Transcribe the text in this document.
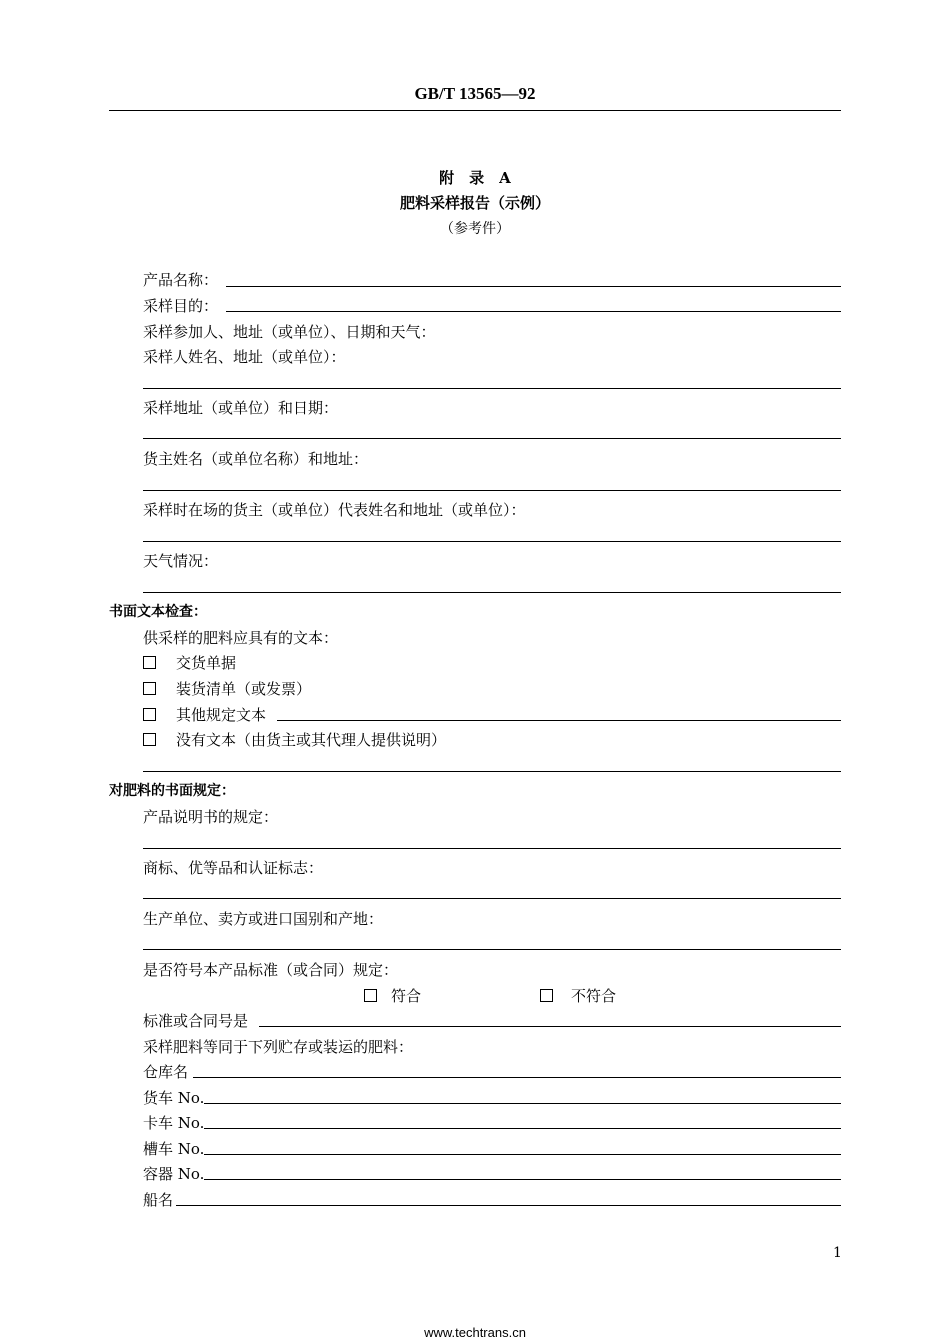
GB/T 13565—92
附　录　A
肥料采样报告（示例）
（参考件）
产品名称：
采样目的：
采样参加人、地址（或单位）、日期和天气：
采样人姓名、地址（或单位）：
采样地址（或单位）和日期：
货主姓名（或单位名称）和地址：
采样时在场的货主（或单位）代表姓名和地址（或单位）：
天气情况：
书面文本检查：
供采样的肥料应具有的文本：
交货单据
装货清单（或发票）
其他规定文本
没有文本（由货主或其代理人提供说明）
对肥料的书面规定：
产品说明书的规定：
商标、优等品和认证标志：
生产单位、卖方或进口国别和产地：
是否符号本产品标准（或合同）规定：
符合	不符合
标准或合同号是
采样肥料等同于下列贮存或装运的肥料：
仓库名
货车 No.
卡车 No.
槽车 No.
容器 No.
船名
1
www.techtrans.cn
